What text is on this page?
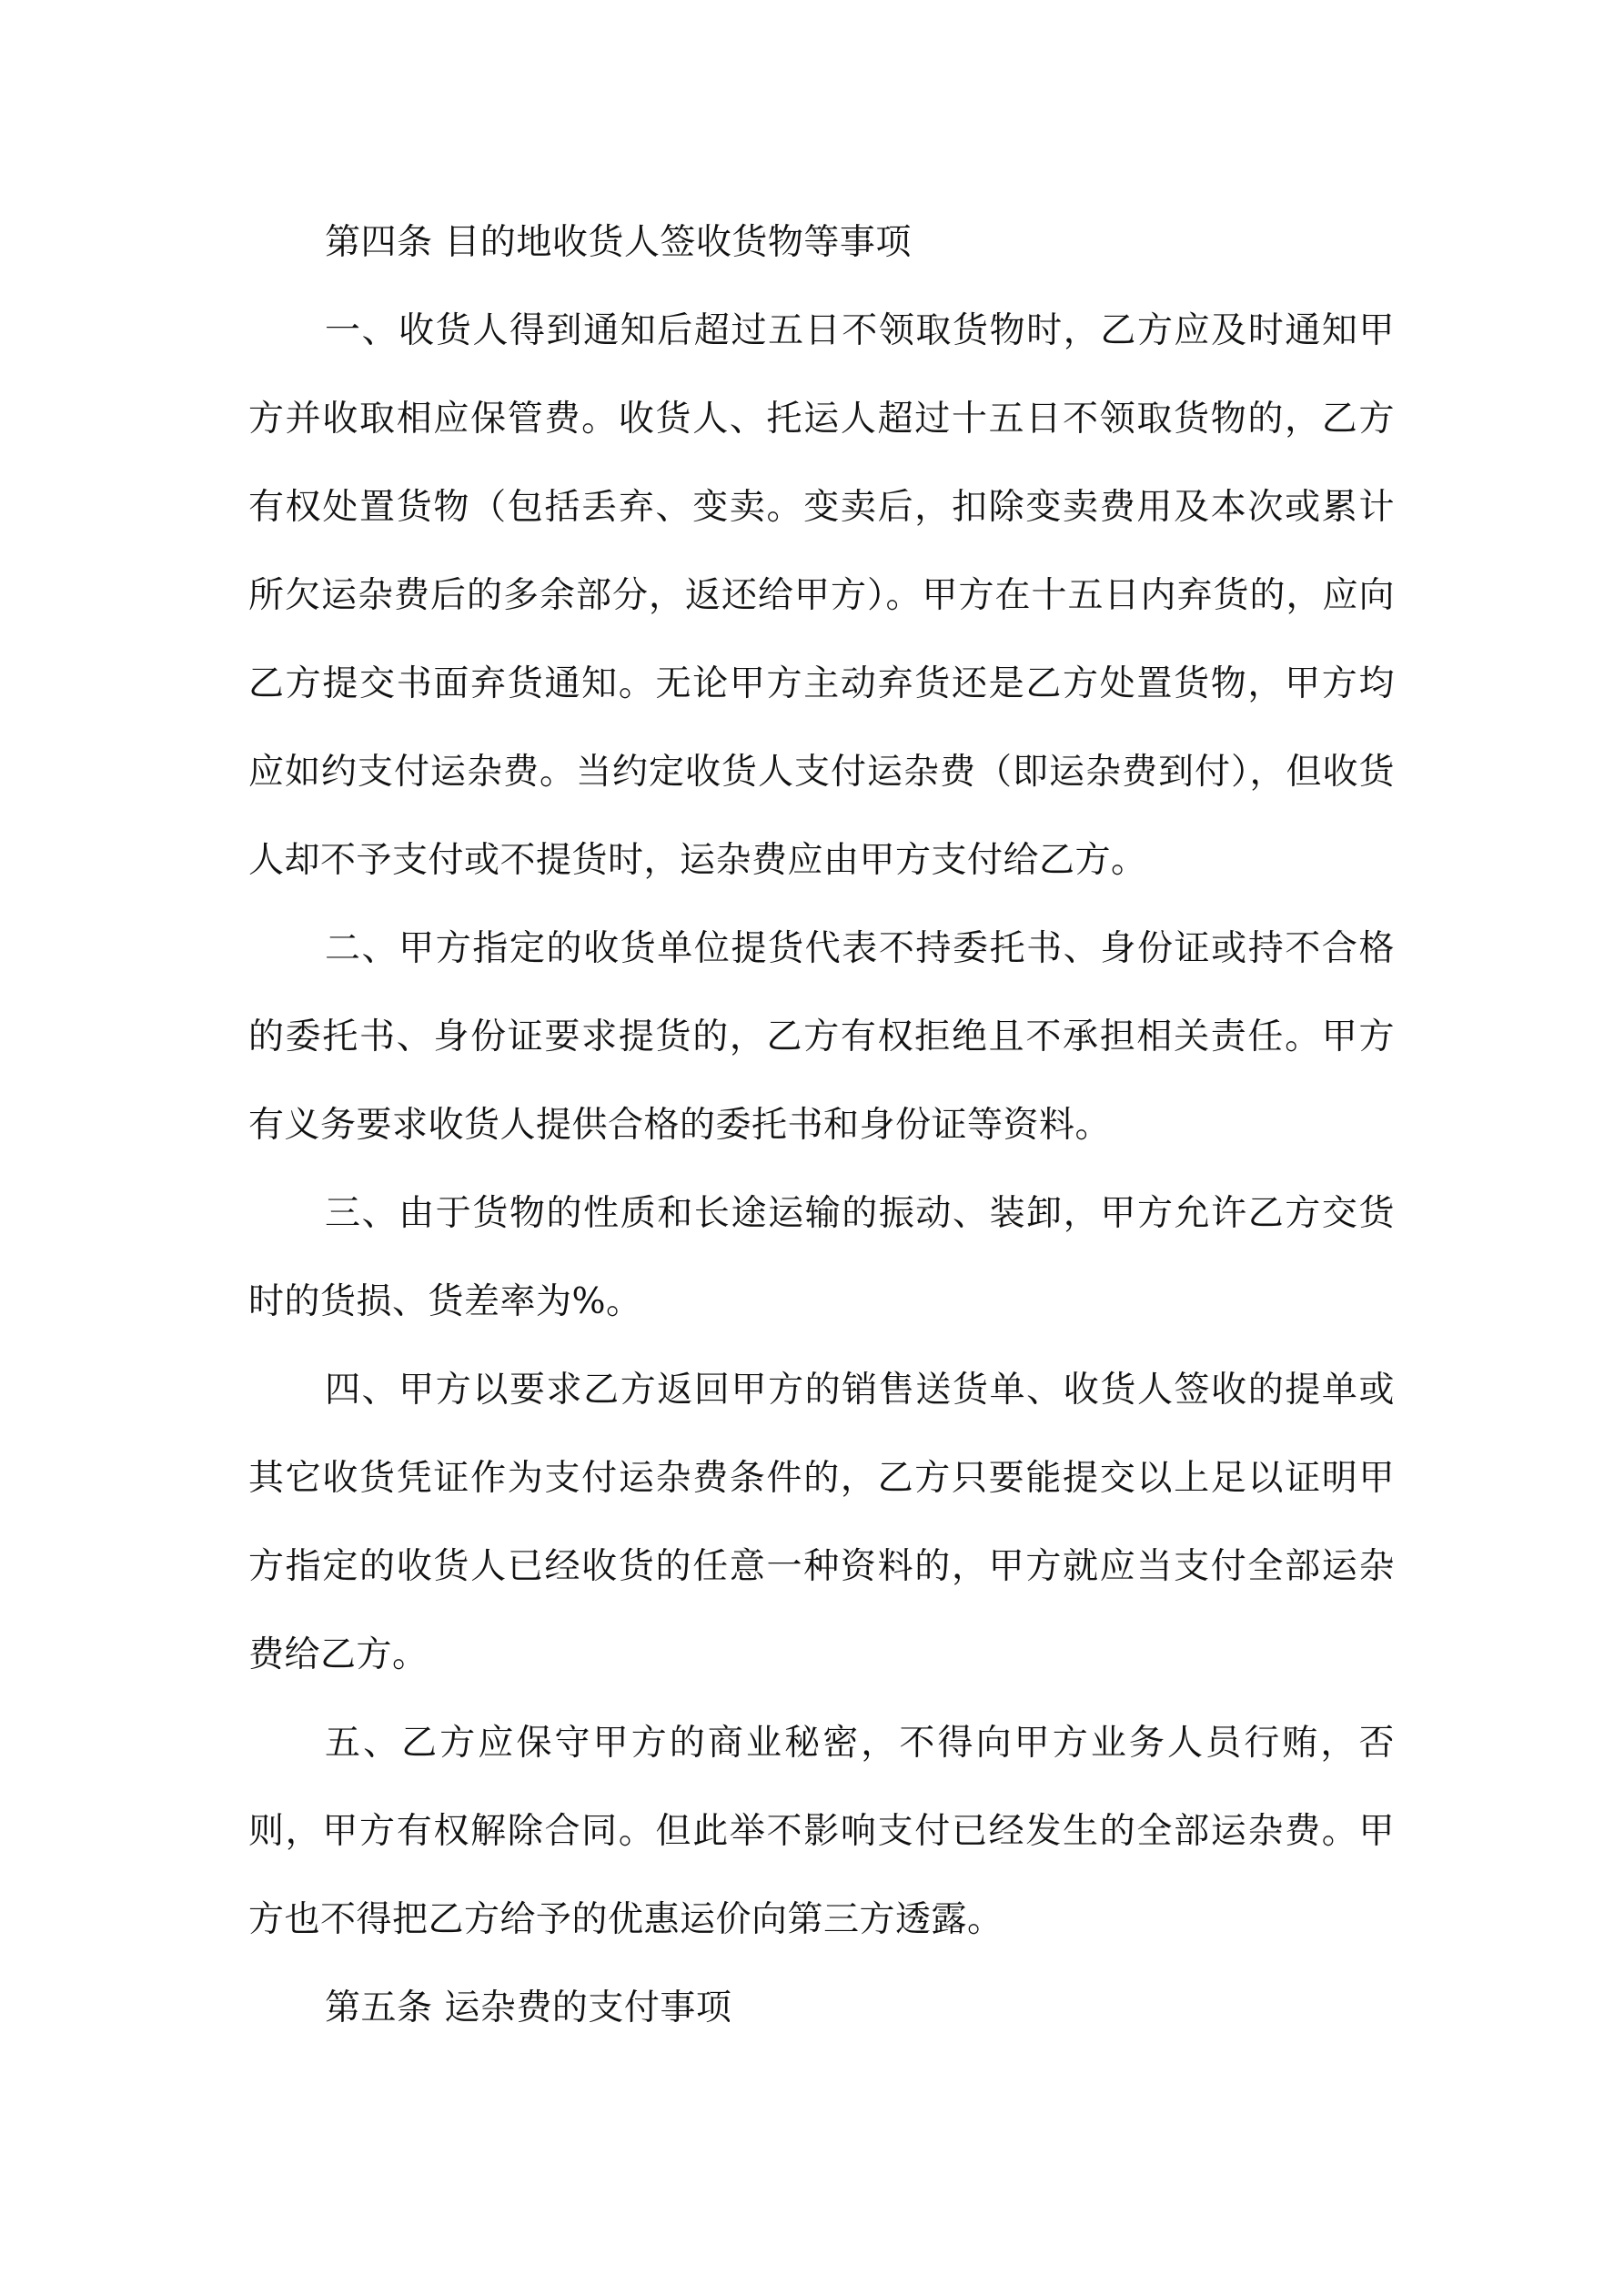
第四条 目的地收货人签收货物等事项

一、收货人得到通知后超过五日不领取货物时，乙方应及时通知甲方并收取相应保管费。收货人、托运人超过十五日不领取货物的，乙方有权处置货物（包括丢弃、变卖。变卖后，扣除变卖费用及本次或累计所欠运杂费后的多余部分，返还给甲方）。甲方在十五日内弃货的，应向乙方提交书面弃货通知。无论甲方主动弃货还是乙方处置货物，甲方均应如约支付运杂费。当约定收货人支付运杂费（即运杂费到付），但收货人却不予支付或不提货时，运杂费应由甲方支付给乙方。

二、甲方指定的收货单位提货代表不持委托书、身份证或持不合格的委托书、身份证要求提货的，乙方有权拒绝且不承担相关责任。甲方有义务要求收货人提供合格的委托书和身份证等资料。

三、由于货物的性质和长途运输的振动、装卸，甲方允许乙方交货时的货损、货差率为%。

四、甲方以要求乙方返回甲方的销售送货单、收货人签收的提单或其它收货凭证作为支付运杂费条件的，乙方只要能提交以上足以证明甲方指定的收货人已经收货的任意一种资料的，甲方就应当支付全部运杂费给乙方。

五、乙方应保守甲方的商业秘密，不得向甲方业务人员行贿，否则，甲方有权解除合同。但此举不影响支付已经发生的全部运杂费。甲方也不得把乙方给予的优惠运价向第三方透露。

第五条 运杂费的支付事项
